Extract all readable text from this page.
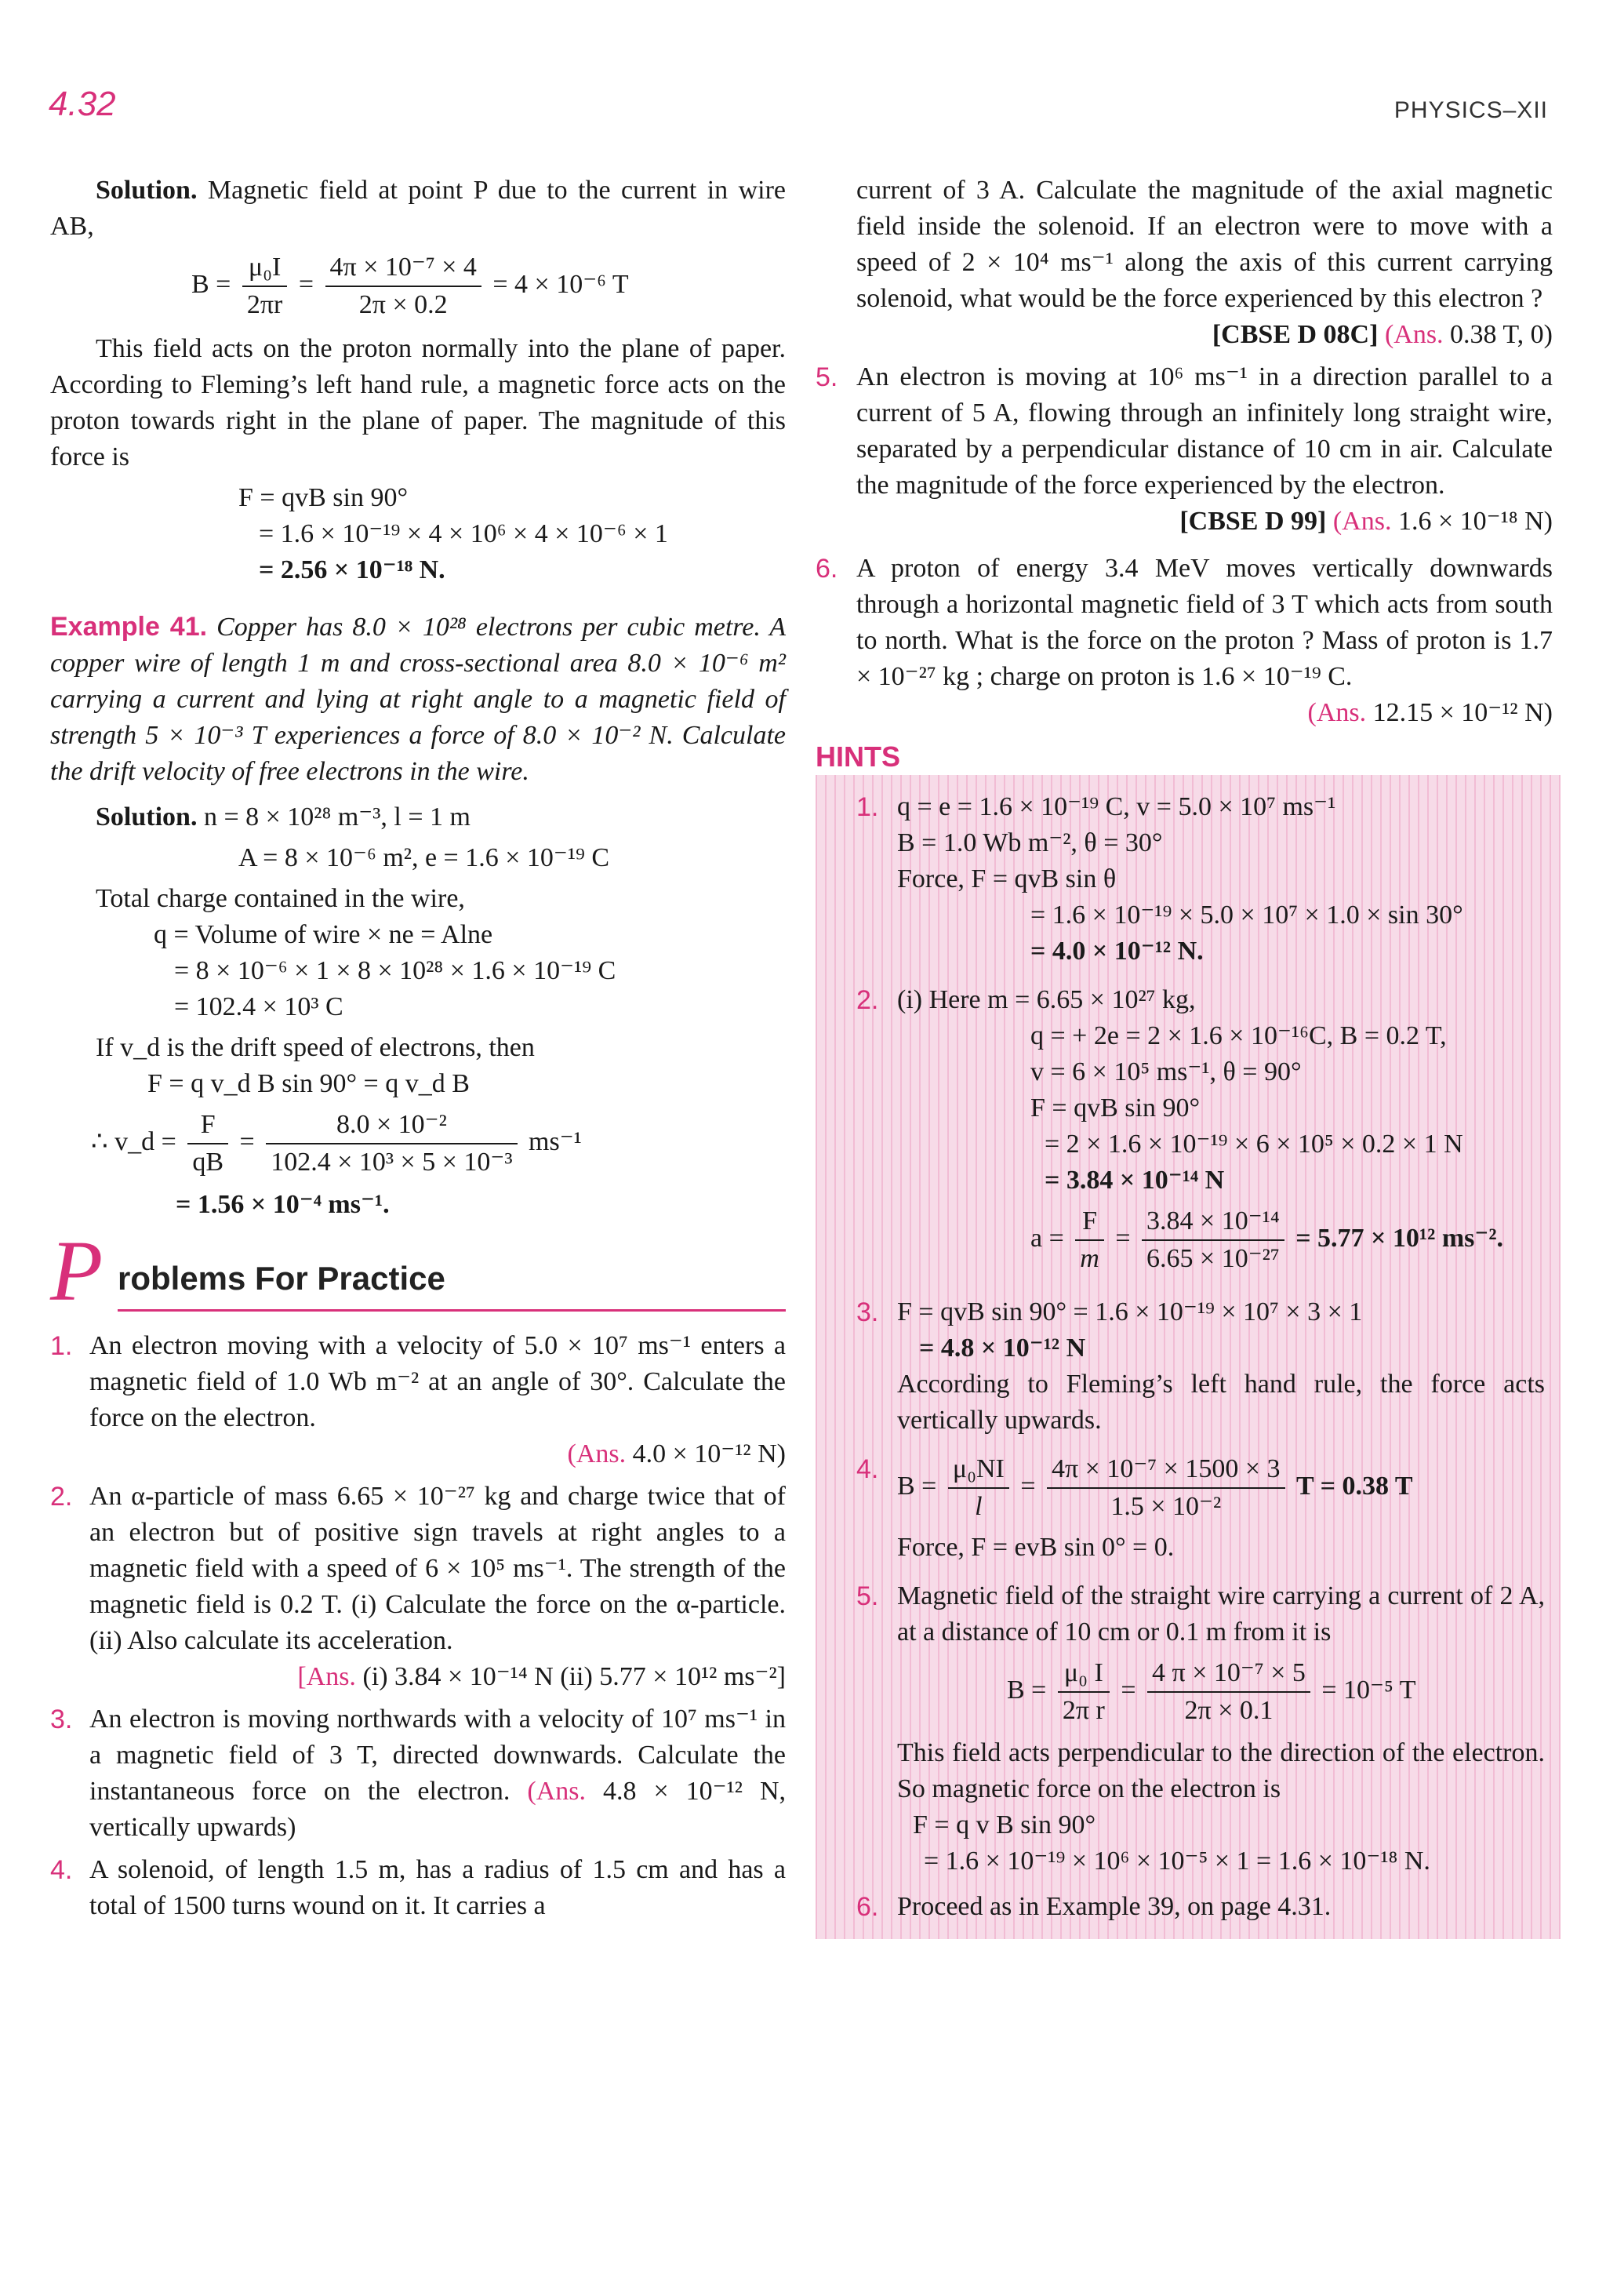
4.32	PHYSICS–XII

Solution. Magnetic field at point P due to the current in wire AB,

$B = \frac{\text{μ₀I}}{2\pi r} = \frac{\text{4π × 10⁻⁷ × 4}}{2\pi \times 0.2} = 4 \times 10^{-6}$ T

This field acts on the proton normally into the plane of paper. According to Fleming’s left hand rule, a magnetic force acts on the proton towards right in the plane of paper. The magnitude of this force is

F = qvB sin 90°
= 1.6 × 10⁻¹⁹ × 4 × 10⁶ × 4 × 10⁻⁶ × 1
= 2.56 × 10⁻¹⁸ N.

Example 41. Copper has 8.0 × 10²⁸ electrons per cubic metre. A copper wire of length 1 m and cross-sectional area 8.0 × 10⁻⁶ m² carrying a current and lying at right angle to a magnetic field of strength 5 × 10⁻³ T experiences a force of 8.0 × 10⁻² N. Calculate the drift velocity of free electrons in the wire.

Solution. n = 8 × 10²⁸ m⁻³, l = 1 m

A = 8 × 10⁻⁶ m², e = 1.6 × 10⁻¹⁹ C

Total charge contained in the wire,

q = Volume of wire × ne = Alne
= 8 × 10⁻⁶ × 1 × 8 × 10²⁸ × 1.6 × 10⁻¹⁹ C
= 102.4 × 10³ C

If v_d is the drift speed of electrons, then

F = q v_d B sin 90° = q v_d B
∴ v_d = $\frac{F}{qB} = \frac{\text{8.0 × 10⁻²}}{\text{102.4 × 10³ × 5 × 10⁻³}} ms^{-1}$
= 1.56 × 10⁻⁴ ms⁻¹.
P roblems For Practice
1. An electron moving with a velocity of 5.0 × 10⁷ ms⁻¹ enters a magnetic field of 1.0 Wb m⁻² at an angle of 30°. Calculate the force on the electron.

(Ans. 4.0 × 10⁻¹² N)

2. An α-particle of mass 6.65 × 10⁻²⁷ kg and charge twice that of an electron but of positive sign travels at right angles to a magnetic field with a speed of 6 × 10⁵ ms⁻¹. The strength of the magnetic field is 0.2 T. (i) Calculate the force on the α-particle. (ii) Also calculate its acceleration.

[Ans. (i) 3.84 × 10⁻¹⁴ N (ii) 5.77 × 10¹² ms⁻²]

3. An electron is moving northwards with a velocity of 10⁷ ms⁻¹ in a magnetic field of 3 T, directed downwards. Calculate the instantaneous force on the electron. (Ans. 4.8 × 10⁻¹² N, vertically upwards)

4. A solenoid, of length 1.5 m, has a radius of 1.5 cm and has a total of 1500 turns wound on it. It carries a

current of 3 A. Calculate the magnitude of the axial magnetic field inside the solenoid. If an electron were to move with a speed of 2 × 10⁴ ms⁻¹ along the axis of this current carrying solenoid, what would be the force experienced by this electron ?

[CBSE D 08C] (Ans. 0.38 T, 0)

5. An electron is moving at 10⁶ ms⁻¹ in a direction parallel to a current of 5 A, flowing through an infinitely long straight wire, separated by a perpendicular distance of 10 cm in air. Calculate the magnitude of the force experienced by the electron.

[CBSE D 99] (Ans. 1.6 × 10⁻¹⁸ N)

6. A proton of energy 3.4 MeV moves vertically downwards through a horizontal magnetic field of 3 T which acts from south to north. What is the force on the proton ? Mass of proton is 1.7 × 10⁻²⁷ kg ; charge on proton is 1.6 × 10⁻¹⁹ C.

(Ans. 12.15 × 10⁻¹² N)

HINTS
1. q = e = 1.6 × 10⁻¹⁹ C, v = 5.0 × 10⁷ ms⁻¹
B = 1.0 Wb m⁻², θ = 30°
Force, F = qvB sin θ
= 1.6 × 10⁻¹⁹ × 5.0 × 10⁷ × 1.0 × sin 30°
= 4.0 × 10⁻¹² N.
2. (i) Here m = 6.65 × 10²⁷ kg,
q = + 2e = 2 × 1.6 × 10⁻¹⁶C, B = 0.2 T,
v = 6 × 10⁵ ms⁻¹, θ = 90°
F = qvB sin 90°
= 2 × 1.6 × 10⁻¹⁹ × 6 × 10⁵ × 0.2 × 1 N
= 3.84 × 10⁻¹⁴ N
$a = \frac{F}{m} = \frac{\text{3.84 × 10⁻¹⁴}}{\text{6.65 × 10⁻²⁷}} = 5.77 \times 10^{12}$ ms⁻².
3. F = qvB sin 90° = 1.6 × 10⁻¹⁹ × 10⁷ × 3 × 1
= 4.8 × 10⁻¹² N

According to Fleming’s left hand rule, the force acts vertically upwards.

4.
$B = \frac{\text{μ₀NI}}{l} = \frac{\text{4π × 10⁻⁷ × 1500 × 3}}{\text{1.5 × 10⁻²}}$ T = 0.38 T
Force, F = evB sin 0° = 0.
5. Magnetic field of the straight wire carrying a current of 2 A, at a distance of 10 cm or 0.1 m from it is

$B = \frac{\text{μ₀ I}}{\text{2π r}} = \frac{\text{4 π × 10⁻⁷ × 5}}{2\pi \times 0.1} = 10^{-5}$ T

This field acts perpendicular to the direction of the electron. So magnetic force on the electron is

F = q v B sin 90°
= 1.6 × 10⁻¹⁹ × 10⁶ × 10⁻⁵ × 1 = 1.6 × 10⁻¹⁸ N.
6. Proceed as in Example 39, on page 4.31.
